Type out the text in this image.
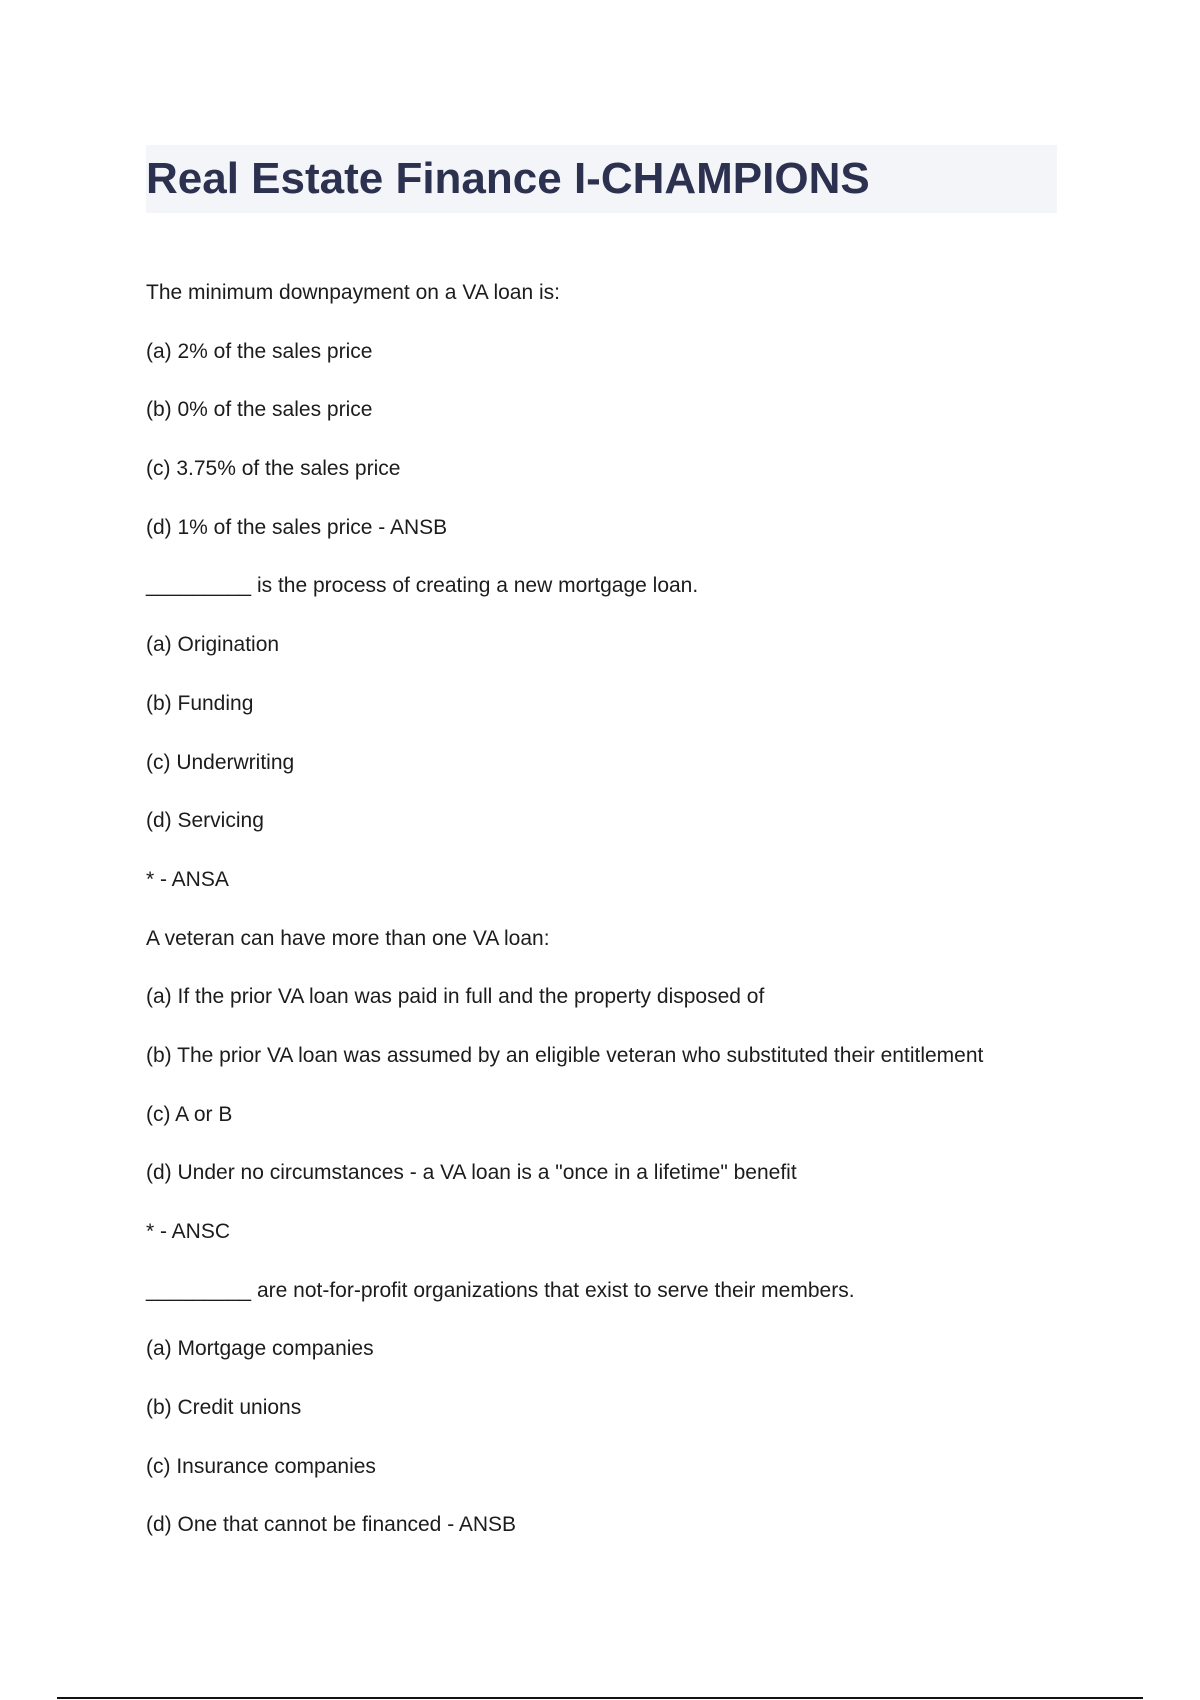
Real Estate Finance I-CHAMPIONS
The minimum downpayment on a VA loan is:
(a) 2% of the sales price
(b) 0% of the sales price
(c) 3.75% of the sales price
(d) 1% of the sales price - ANSB
_________ is the process of creating a new mortgage loan.
(a) Origination
(b) Funding
(c) Underwriting
(d) Servicing
* - ANSA
A veteran can have more than one VA loan:
(a) If the prior VA loan was paid in full and the property disposed of
(b) The prior VA loan was assumed by an eligible veteran who substituted their entitlement
(c) A or B
(d) Under no circumstances - a VA loan is a "once in a lifetime" benefit
* - ANSC
_________ are not-for-profit organizations that exist to serve their members.
(a) Mortgage companies
(b) Credit unions
(c) Insurance companies
(d) One that cannot be financed - ANSB
